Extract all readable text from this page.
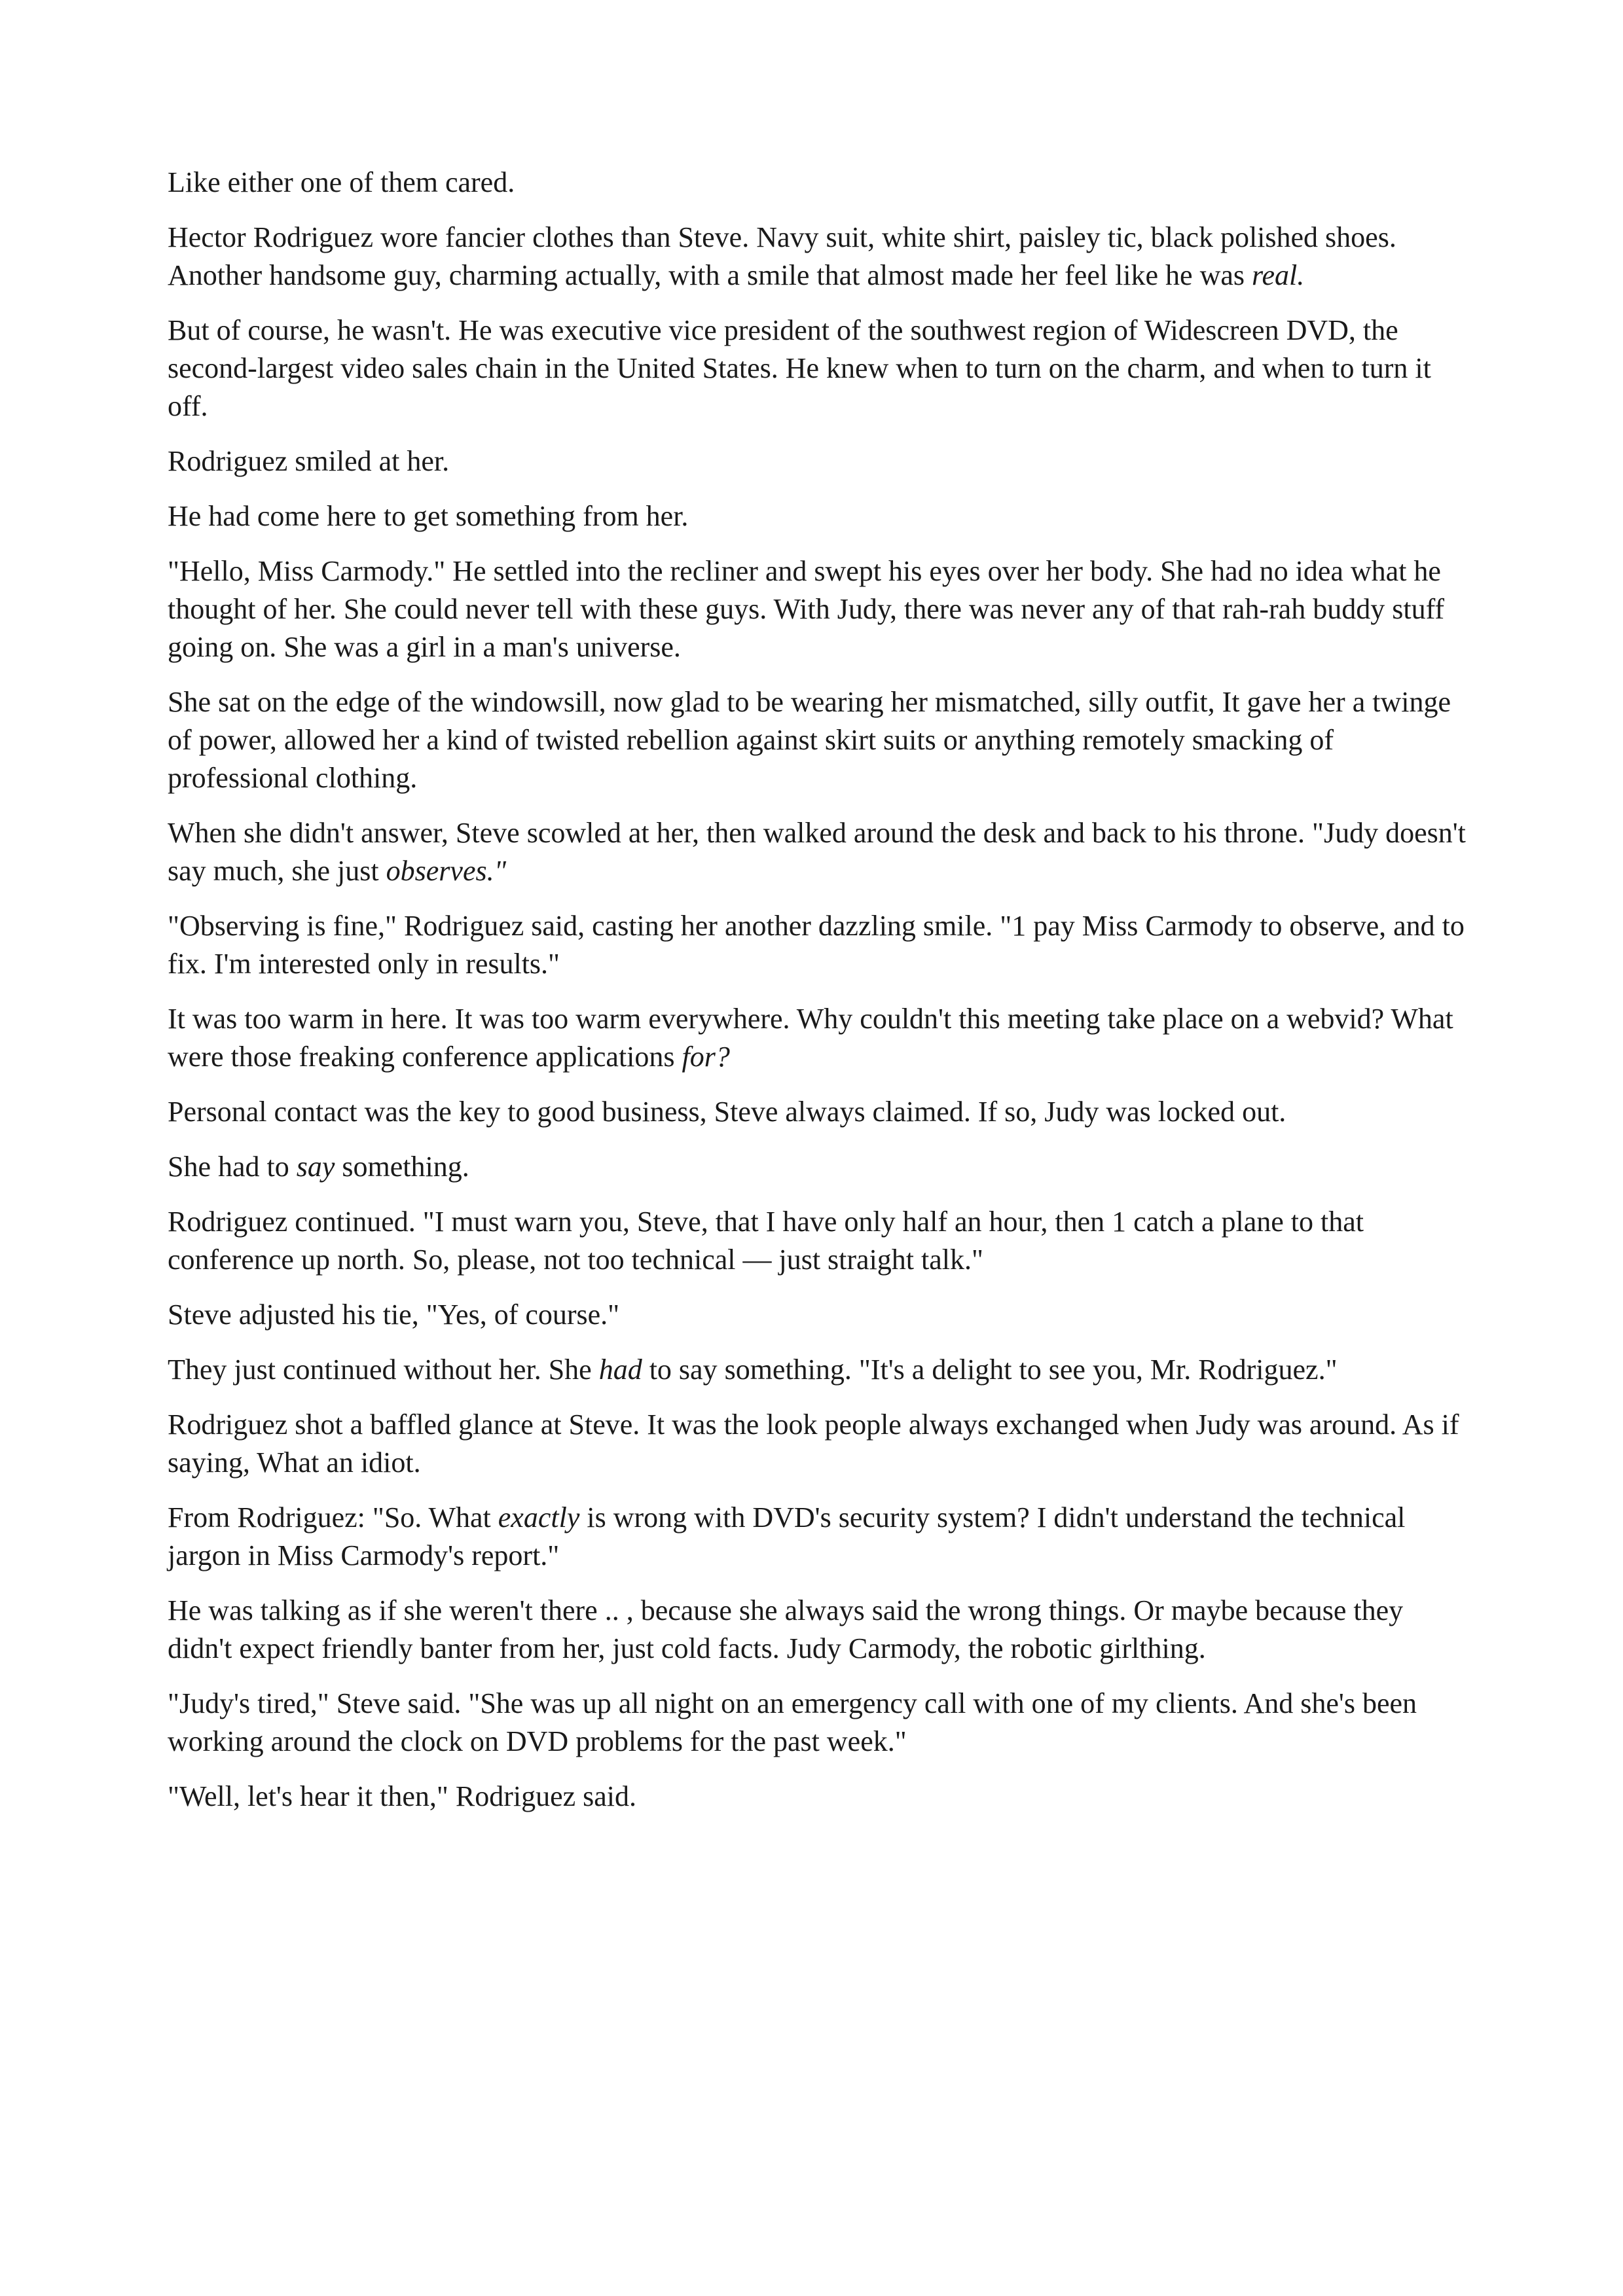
Like either one of them cared.

Hector Rodriguez wore fancier clothes than Steve. Navy suit, white shirt, paisley tic, black polished shoes. Another handsome guy, charming actually, with a smile that almost made her feel like he was real.

But of course, he wasn't. He was executive vice president of the southwest region of Widescreen DVD, the second-largest video sales chain in the United States. He knew when to turn on the charm, and when to turn it off.

Rodriguez smiled at her.

He had come here to get something from her.

"Hello, Miss Carmody." He settled into the recliner and swept his eyes over her body. She had no idea what he thought of her. She could never tell with these guys. With Judy, there was never any of that rah-rah buddy stuff going on. She was a girl in a man's universe.

She sat on the edge of the windowsill, now glad to be wearing her mismatched, silly outfit, It gave her a twinge of power, allowed her a kind of twisted rebellion against skirt suits or anything remotely smacking of professional clothing.

When she didn't answer, Steve scowled at her, then walked around the desk and back to his throne. "Judy doesn't say much, she just observes."

"Observing is fine," Rodriguez said, casting her another dazzling smile. "1 pay Miss Carmody to observe, and to fix. I'm interested only in results."

It was too warm in here. It was too warm everywhere. Why couldn't this meeting take place on a webvid? What were those freaking conference applications for?

Personal contact was the key to good business, Steve always claimed. If so, Judy was locked out.

She had to say something.

Rodriguez continued. "I must warn you, Steve, that I have only half an hour, then 1 catch a plane to that conference up north. So, please, not too technical — just straight talk."

Steve adjusted his tie, "Yes, of course."

They just continued without her. She had to say something. "It's a delight to see you, Mr. Rodriguez."

Rodriguez shot a baffled glance at Steve. It was the look people always exchanged when Judy was around. As if saying, What an idiot.

From Rodriguez: "So. What exactly is wrong with DVD's security system? I didn't understand the technical jargon in Miss Carmody's report."

He was talking as if she weren't there .. , because she always said the wrong things. Or maybe because they didn't expect friendly banter from her, just cold facts. Judy Carmody, the robotic girlthing.

"Judy's tired," Steve said. "She was up all night on an emergency call with one of my clients. And she's been working around the clock on DVD problems for the past week."

"Well, let's hear it then," Rodriguez said.
